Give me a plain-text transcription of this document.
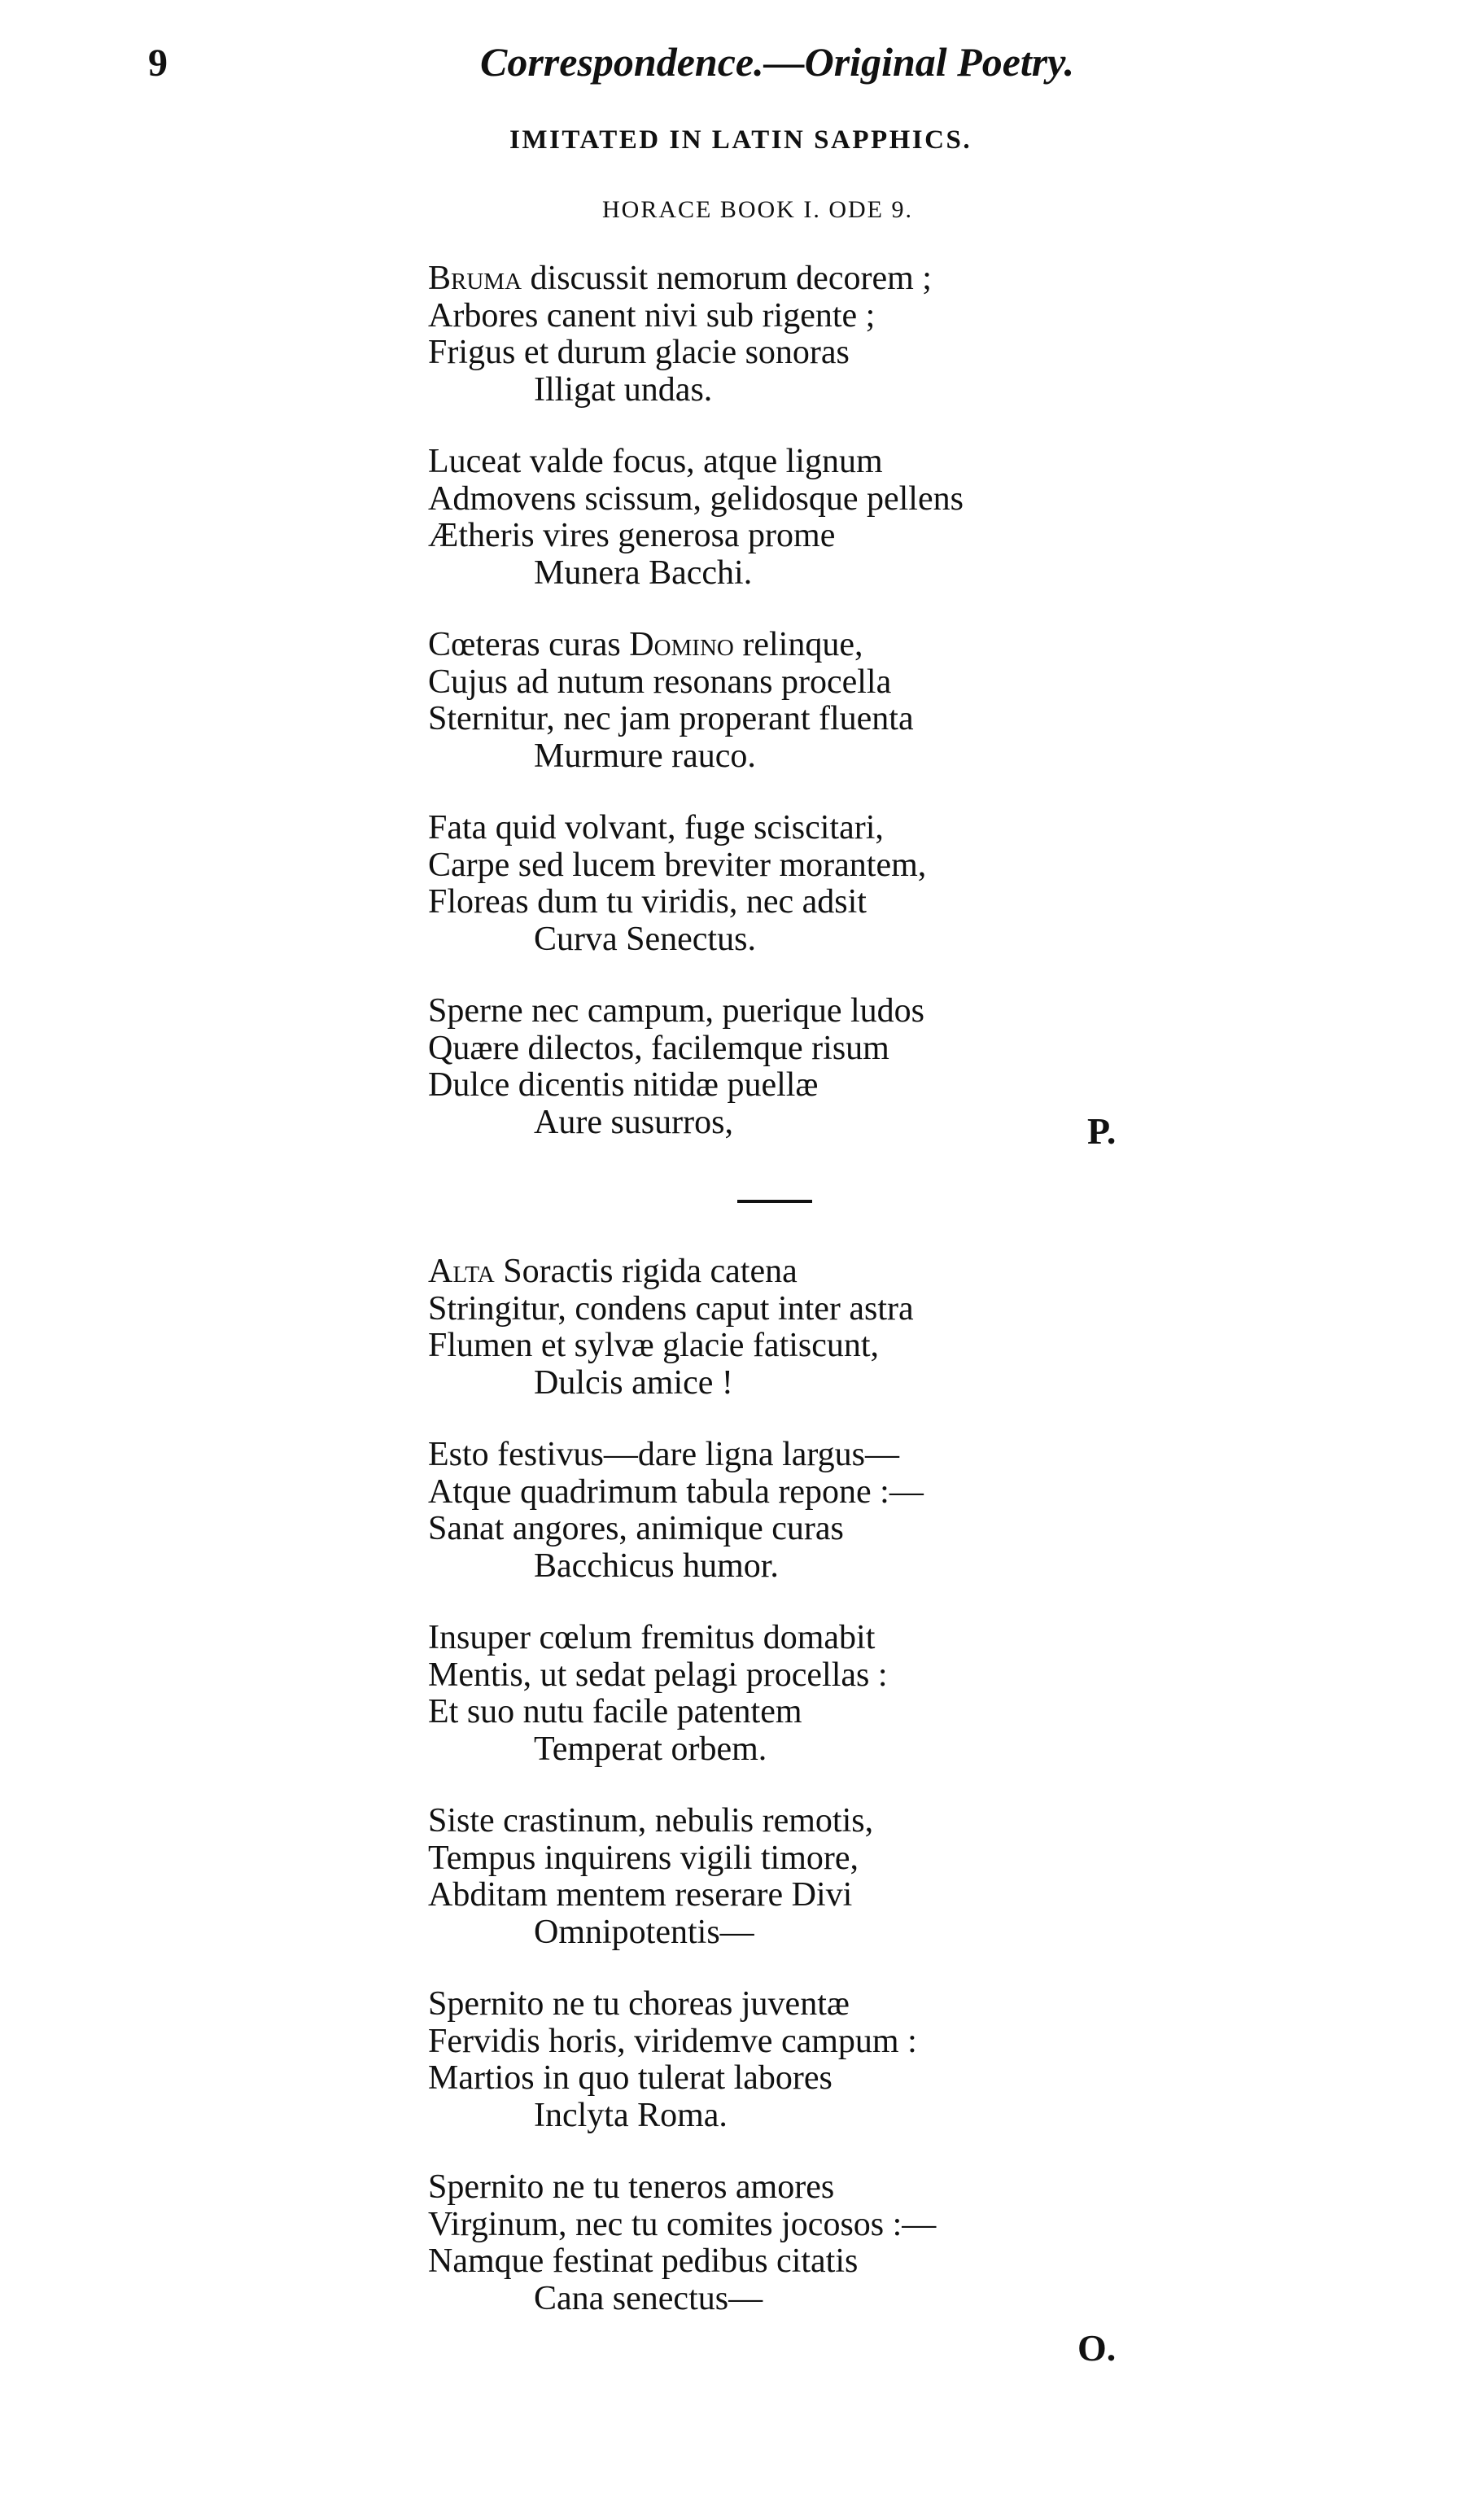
9	Correspondence.—Original Poetry.
IMITATED IN LATIN SAPPHICS.
HORACE BOOK I. ODE 9.
Bruma discussit nemorum decorem ;
Arbores canent nivi sub rigente ;
Frigus et durum glacie sonoras
Illigat undas.
Luceat valde focus, atque lignum
Admovens scissum, gelidosque pellens
Ætheris vires generosa prome
Munera Bacchi.
Cœteras curas Domino relinque,
Cujus ad nutum resonans procella
Sternitur, nec jam properant fluenta
Murmure rauco.
Fata quid volvant, fuge sciscitari,
Carpe sed lucem breviter morantem,
Floreas dum tu viridis, nec adsit
Curva Senectus.
Sperne nec campum, puerique ludos
Quære dilectos, facilemque risum
Dulce dicentis nitidæ puellæ
Aure susurros,	P.
Alta Soractis rigida catena
Stringitur, condens caput inter astra
Flumen et sylvæ glacie fatiscunt,
Dulcis amice !
Esto festivus—dare ligna largus—
Atque quadrimum tabula repone :—
Sanat angores, animique curas
Bacchicus humor.
Insuper cœlum fremitus domabit
Mentis, ut sedat pelagi procellas :
Et suo nutu facile patentem
Temperat orbem.
Siste crastinum, nebulis remotis,
Tempus inquirens vigili timore,
Abditam mentem reserare Divi
Omnipotentis—
Spernito ne tu choreas juventæ
Fervidis horis, viridemve campum :
Martios in quo tulerat labores
Inclyta Roma.
Spernito ne tu teneros amores
Virginum, nec tu comites jocosos :—
Namque festinat pedibus citatis
Cana senectus—
O.
